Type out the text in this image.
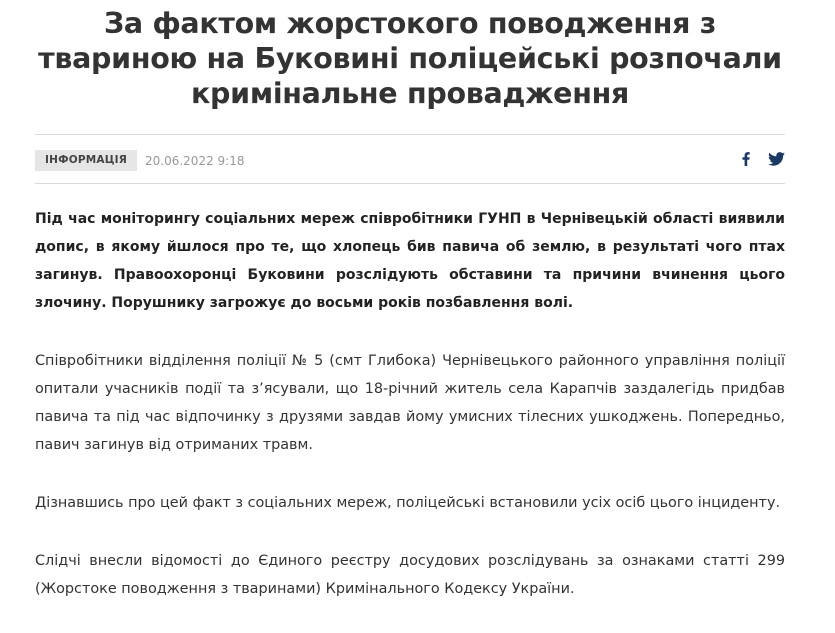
За фактом жорстокого поводження з твариною на Буковині поліцейські розпочали кримінальне провадження
ІНФОРМАЦІЯ	20.06.2022 9:18

Під час моніторингу соціальних мереж співробітники ГУНП в Чернівецькій області виявили допис, в якому йшлося про те, що хлопець бив павича об землю, в результаті чого птах загинув. Правоохоронці Буковини розслідують обставини та причини вчинення цього злочину. Порушнику загрожує до восьми років позбавлення волі.

Співробітники відділення поліції № 5 (смт Глибока) Чернівецького районного управління поліції опитали учасників події та з’ясували, що 18-річний житель села Карапчів заздалегідь придбав павича та під час відпочинку з друзями завдав йому умисних тілесних ушкоджень. Попередньо, павич загинув від отриманих травм.

Дізнавшись про цей факт з соціальних мереж, поліцейські встановили усіх осіб цього інциденту.

Слідчі внесли відомості до Єдиного реєстру досудових розслідувань за ознаками статті 299 (Жорстоке поводження з тваринами) Кримінального Кодексу України.
